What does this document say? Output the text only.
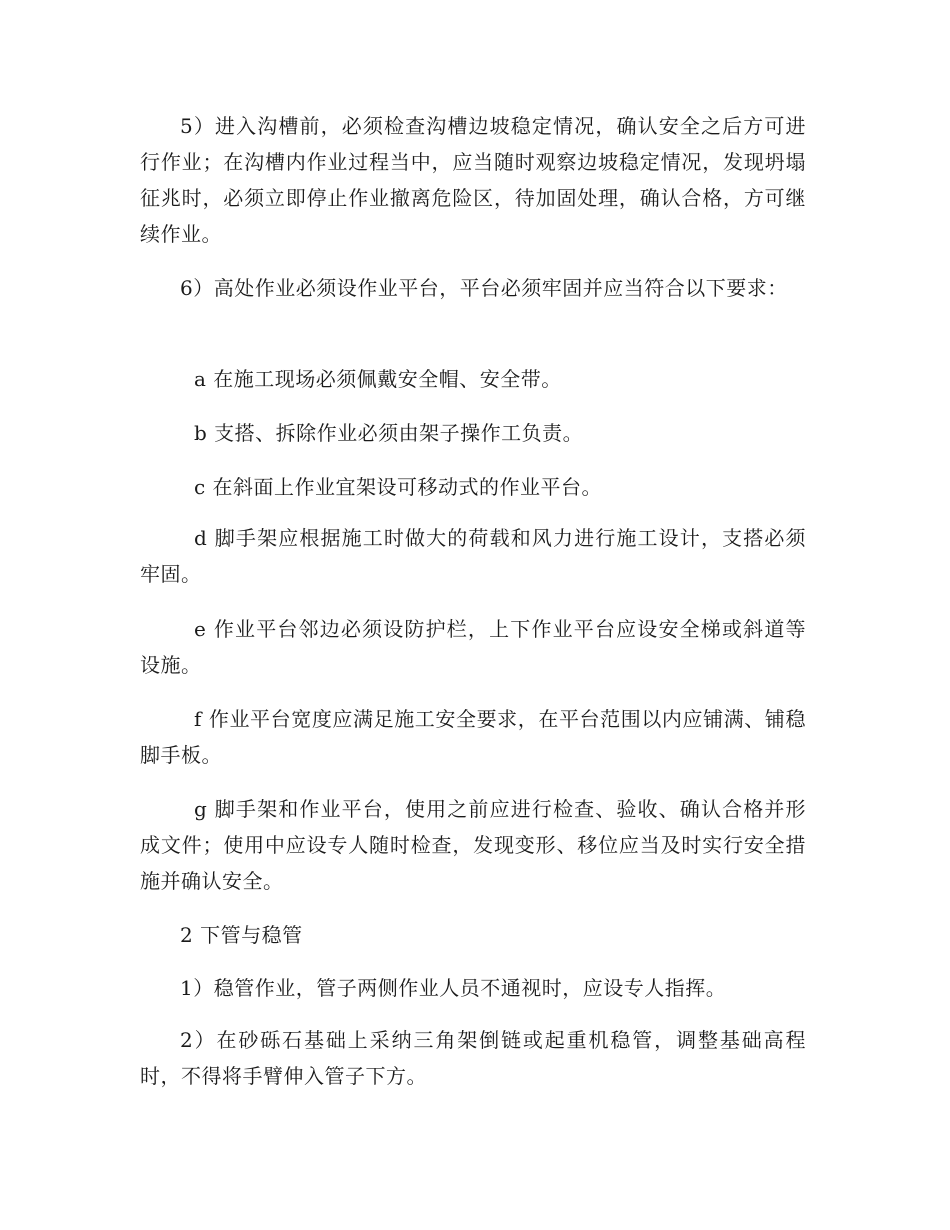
5）进入沟槽前，必须检查沟槽边坡稳定情况，确认安全之后方可进行作业；在沟槽内作业过程当中，应当随时观察边坡稳定情况，发现坍塌征兆时，必须立即停止作业撤离危险区，待加固处理，确认合格，方可继续作业。

6）高处作业必须设作业平台，平台必须牢固并应当符合以下要求：

a 在施工现场必须佩戴安全帽、安全带。

b 支搭、拆除作业必须由架子操作工负责。

c 在斜面上作业宜架设可移动式的作业平台。

d 脚手架应根据施工时做大的荷载和风力进行施工设计，支搭必须牢固。

e 作业平台邻边必须设防护栏，上下作业平台应设安全梯或斜道等设施。

f 作业平台宽度应满足施工安全要求，在平台范围以内应铺满、铺稳脚手板。

g 脚手架和作业平台，使用之前应进行检查、验收、确认合格并形成文件；使用中应设专人随时检查，发现变形、移位应当及时实行安全措施并确认安全。

2 下管与稳管

1）稳管作业，管子两侧作业人员不通视时，应设专人指挥。

2）在砂砾石基础上采纳三角架倒链或起重机稳管，调整基础高程时，不得将手臂伸入管子下方。
